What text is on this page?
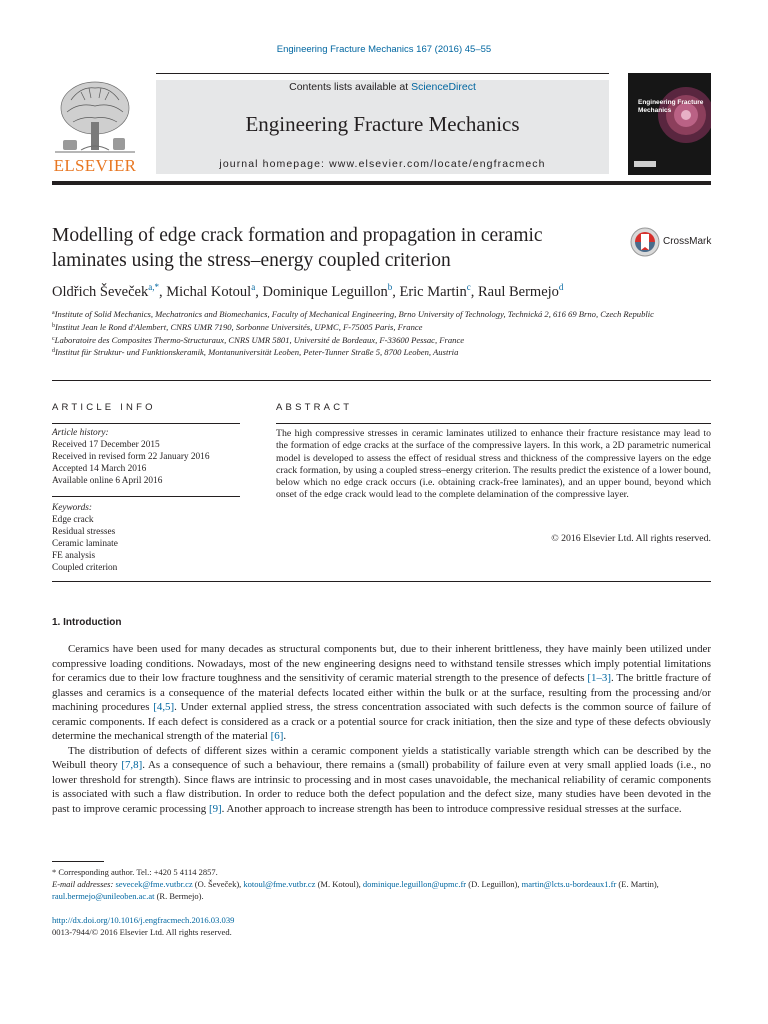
Engineering Fracture Mechanics 167 (2016) 45–55
ELSEVIER
Contents lists available at ScienceDirect
Engineering Fracture Mechanics
journal homepage: www.elsevier.com/locate/engfracmech
Engineering Fracture Mechanics
Modelling of edge crack formation and propagation in ceramic laminates using the stress–energy coupled criterion
CrossMark
Oldřich Ševeček$^{a,*}$, Michal Kotoul$^a$, Dominique Leguillon$^b$, Eric Martin$^c$, Raul Bermejo$^d$
$^a$Institute of Solid Mechanics, Mechatronics and Biomechanics, Faculty of Mechanical Engineering, Brno University of Technology, Technická 2, 616 69 Brno, Czech Republic
$^b$Institut Jean le Rond d'Alembert, CNRS UMR 7190, Sorbonne Universités, UPMC, F-75005 Paris, France
$^c$Laboratoire des Composites Thermo-Structuraux, CNRS UMR 5801, Université de Bordeaux, F-33600 Pessac, France
$^d$Institut für Struktur- und Funktionskeramik, Montanuniversität Leoben, Peter-Tunner Straße 5, 8700 Leoben, Austria
ARTICLE INFO
Article history:
Received 17 December 2015
Received in revised form 22 January 2016
Accepted 14 March 2016
Available online 6 April 2016
Keywords:
Edge crack
Residual stresses
Ceramic laminate
FE analysis
Coupled criterion
ABSTRACT
The high compressive stresses in ceramic laminates utilized to enhance their fracture resistance may lead to the formation of edge cracks at the surface of the compressive layers. In this work, a 2D parametric numerical model is developed to assess the effect of residual stress and thickness of the compressive layers on the edge crack formation, by using a coupled stress–energy criterion. The results predict the existence of a lower bound, below which no edge crack occurs (i.e. obtaining crack-free laminates), and an upper bound, beyond which onset of the edge crack would lead to the complete delamination of the compressive layer.
© 2016 Elsevier Ltd. All rights reserved.
1. Introduction

Ceramics have been used for many decades as structural components but, due to their inherent brittleness, they have mainly been utilized under compressive loading conditions. Nowadays, most of the new engineering designs need to withstand tensile stresses which imply potential limitations for ceramics due to their low fracture toughness and the sensitivity of ceramic material strength to the presence of defects [1–3]. The brittle fracture of glasses and ceramics is a consequence of the material defects located either within the bulk or at the surface, resulting from the processing and/or machining procedures [4,5]. Under external applied stress, the stress concentration associated with such defects is the common source of failure of ceramic components. If each defect is considered as a crack or a potential source for crack initiation, then the size and type of these defects obviously determine the mechanical strength of the material [6].

The distribution of defects of different sizes within a ceramic component yields a statistically variable strength which can be described by the Weibull theory [7,8]. As a consequence of such a behaviour, there remains a (small) probability of failure even at very small applied loads (i.e., no lower threshold for strength). Since flaws are intrinsic to processing and in most cases unavoidable, the mechanical reliability of ceramic components is associated with such a flaw distribution. In order to reduce both the defect population and the defect size, many studies have been devoted in the past to improve ceramic processing [9]. Another approach to increase strength has been to introduce compressive residual stresses at the surface.

* Corresponding author. Tel.: +420 5 4114 2857.
E-mail addresses: sevecek@fme.vutbr.cz (O. Ševeček), kotoul@fme.vutbr.cz (M. Kotoul), dominique.leguillon@upmc.fr (D. Leguillon), martin@lcts.u-bordeaux1.fr (E. Martin), raul.bermejo@unileoben.ac.at (R. Bermejo).
http://dx.doi.org/10.1016/j.engfracmech.2016.03.039
0013-7944/© 2016 Elsevier Ltd. All rights reserved.
